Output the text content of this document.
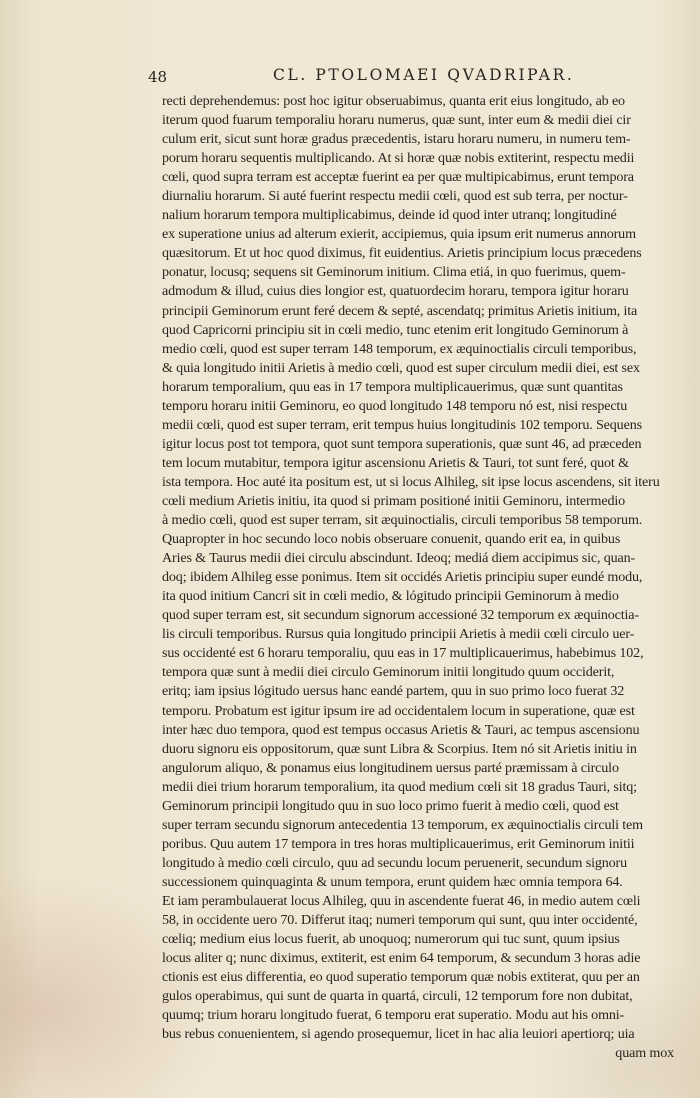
48	CL. PTOLOMAEI QVADRIPAR.
recti deprehendemus: post hoc igitur obseruabimus, quanta erit eius longitudo, ab eo
iterum quod fuarum temporaliu horaru numerus, quæ sunt, inter eum & medii diei cir
culum erit, sicut sunt horæ gradus præcedentis, istaru horaru numeru, in numeru tem-
porum horaru sequentis multiplicando. At si horæ quæ nobis extiterint, respectu medii
cœli, quod supra terram est acceptæ fuerint ea per quæ multipicabimus, erunt tempora
diurnaliu horarum. Si auté fuerint respectu medii cœli, quod est sub terra, per noctur-
nalium horarum tempora multiplicabimus, deinde id quod inter utranq; longitudiné
ex superatione unius ad alterum exierit, accipiemus, quia ipsum erit numerus annorum
quæsitorum. Et ut hoc quod diximus, fit euidentius. Arietis principium locus præcedens
ponatur, locusq; sequens sit Geminorum initium. Clima etiá, in quo fuerimus, quem-
admodum & illud, cuius dies longior est, quatuordecim horaru, tempora igitur horaru
principii Geminorum erunt feré decem & septé, ascendatq; primitus Arietis initium, ita
quod Capricorni principiu sit in cœli medio, tunc etenim erit longitudo Geminorum à
medio cœli, quod est super terram 148 temporum, ex æquinoctialis circuli temporibus,
& quia longitudo initii Arietis à medio cœli, quod est super circulum medii diei, est sex
horarum temporalium, quu eas in 17 tempora multiplicauerimus, quæ sunt quantitas
temporu horaru initii Geminoru, eo quod longitudo 148 temporu nó est, nisi respectu
medii cœli, quod est super terram, erit tempus huius longitudinis 102 temporu. Sequens
igitur locus post tot tempora, quot sunt tempora superationis, quæ sunt 46, ad præceden
tem locum mutabitur, tempora igitur ascensionu Arietis & Tauri, tot sunt feré, quot &
ista tempora. Hoc auté ita positum est, ut si locus Alhileg, sit ipse locus ascendens, sit iteru
cœli medium Arietis initiu, ita quod si primam positioné initii Geminoru, intermedio
à medio cœli, quod est super terram, sit æquinoctialis, circuli temporibus 58 temporum.
Quapropter in hoc secundo loco nobis obseruare conuenit, quando erit ea, in quibus
Aries & Taurus medii diei circulu abscindunt. Ideoq; mediá diem accipimus sic, quan-
doq; ibidem Alhileg esse ponimus. Item sit occidés Arietis principiu super eundé modu,
ita quod initium Cancri sit in cœli medio, & lógitudo principii Geminorum à medio
quod super terram est, sit secundum signorum accessioné 32 temporum ex æquinoctia-
lis circuli temporibus. Rursus quia longitudo principii Arietis à medii cœli circulo uer-
sus occidenté est 6 horaru temporaliu, quu eas in 17 multiplicauerimus, habebimus 102,
tempora quæ sunt à medii diei circulo Geminorum initii longitudo quum occiderit,
eritq; iam ipsius lógitudo uersus hanc eandé partem, quu in suo primo loco fuerat 32
temporu. Probatum est igitur ipsum ire ad occidentalem locum in superatione, quæ est
inter hæc duo tempora, quod est tempus occasus Arietis & Tauri, ac tempus ascensionu
duoru signoru eis oppositorum, quæ sunt Libra & Scorpius. Item nó sit Arietis initiu in
angulorum aliquo, & ponamus eius longitudinem uersus parté præmissam à circulo
medii diei trium horarum temporalium, ita quod medium cœli sit 18 gradus Tauri, sitq;
Geminorum principii longitudo quu in suo loco primo fuerit à medio cœli, quod est
super terram secundu signorum antecedentia 13 temporum, ex æquinoctialis circuli tem
poribus. Quu autem 17 tempora in tres horas multiplicauerimus, erit Geminorum initii
longitudo à medio cœli circulo, quu ad secundu locum peruenerit, secundum signoru
successionem quinquaginta & unum tempora, erunt quidem hæc omnia tempora 64.
Et iam perambulauerat locus Alhileg, quu in ascendente fuerat 46, in medio autem cœli
58, in occidente uero 70. Differut itaq; numeri temporum qui sunt, quu inter occidenté,
cœliq; medium eius locus fuerit, ab unoquoq; numerorum qui tuc sunt, quum ipsius
locus aliter q; nunc diximus, extiterit, est enim 64 temporum, & secundum 3 horas adie
ctionis est eius differentia, eo quod superatio temporum quæ nobis extiterat, quu per an
gulos operabimus, qui sunt de quarta in quartá, circuli, 12 temporum fore non dubitat,
quumq; trium horaru longitudo fuerat, 6 temporu erat superatio. Modu aut his omni-
bus rebus conuenientem, si agendo prosequemur, licet in hac alia leuiori apertiorq; uia
quam mox
